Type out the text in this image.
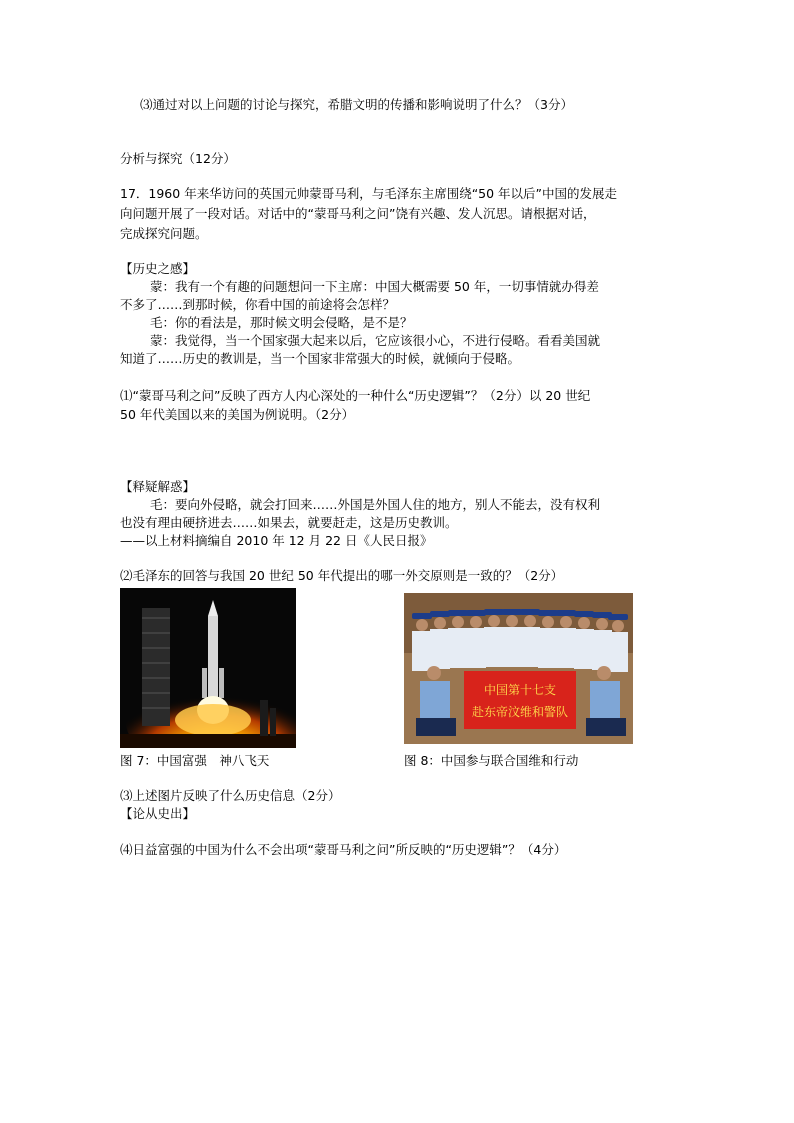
⑶通过对以上问题的讨论与探究，希腊文明的传播和影响说明了什么？（3分）
分析与探究（12分）
17．1960 年来华访问的英国元帅蒙哥马利，与毛泽东主席围绕“50 年以后”中国的发展走
向问题开展了一段对话。对话中的“蒙哥马利之问”饶有兴趣、发人沉思。请根据对话，
完成探究问题。
【历史之感】
蒙：我有一个有趣的问题想问一下主席：中国大概需要 50 年，一切事情就办得差
不多了……到那时候，你看中国的前途将会怎样？
毛：你的看法是，那时候文明会侵略，是不是？
蒙：我觉得，当一个国家强大起来以后，它应该很小心，不进行侵略。看看美国就
知道了……历史的教训是，当一个国家非常强大的时候，就倾向于侵略。
⑴“蒙哥马利之问”反映了西方人内心深处的一种什么“历史逻辑”？（2分）以 20 世纪
50 年代美国以来的美国为例说明。（2分）
【释疑解惑】
毛：要向外侵略，就会打回来……外国是外国人住的地方，别人不能去，没有权利
也没有理由硬挤进去……如果去，就要赶走，这是历史教训。
——以上材料摘编自 2010 年 12 月 22 日《人民日报》
⑵毛泽东的回答与我国 20 世纪 50 年代提出的哪一外交原则是一致的？（2分）
中国第十七支
赴东帝汶维和警队
图 7：中国富强　神八飞天	图 8：中国参与联合国维和行动
⑶上述图片反映了什么历史信息（2分）
【论从史出】
⑷日益富强的中国为什么不会出项“蒙哥马利之问”所反映的“历史逻辑”？（4分）
